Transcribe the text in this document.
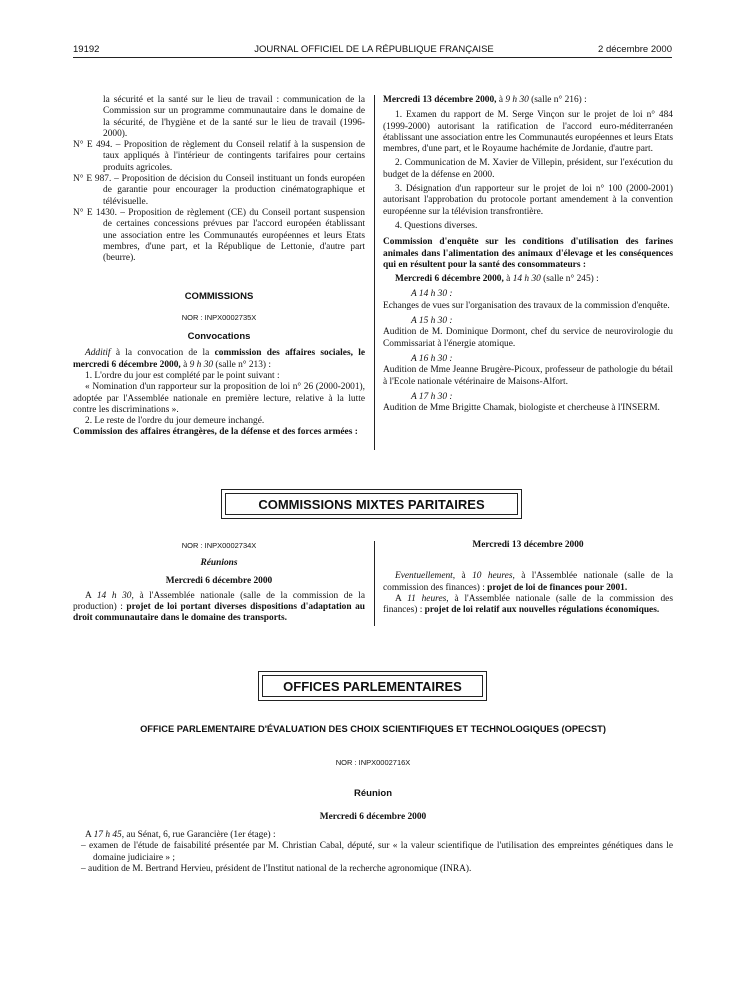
19192	JOURNAL OFFICIEL DE LA RÉPUBLIQUE FRANÇAISE	2 décembre 2000

la sécurité et la santé sur le lieu de travail : communication de la Commission sur un programme communautaire dans le domaine de la sécurité, de l'hygiène et de la santé sur le lieu de travail (1996-2000).

N° E 494. – Proposition de règlement du Conseil relatif à la suspension de taux appliqués à l'intérieur de contingents tarifaires pour certains produits agricoles.

N° E 987. – Proposition de décision du Conseil instituant un fonds européen de garantie pour encourager la production cinématographique et télévisuelle.

N° E 1430. – Proposition de règlement (CE) du Conseil portant suspension de certaines concessions prévues par l'accord européen établissant une association entre les Communautés européennes et leurs Etats membres, d'une part, et la République de Lettonie, d'autre part (beurre).

COMMISSIONS
NOR : INPX0002735X
Convocations

Additif à la convocation de la commission des affaires sociales, le mercredi 6 décembre 2000, à 9 h 30 (salle n° 213) :

1. L'ordre du jour est complété par le point suivant :

« Nomination d'un rapporteur sur la proposition de loi n° 26 (2000-2001), adoptée par l'Assemblée nationale en première lecture, relative à la lutte contre les discriminations ».

2. Le reste de l'ordre du jour demeure inchangé.

Commission des affaires étrangères, de la défense et des forces armées :

Mercredi 13 décembre 2000, à 9 h 30 (salle n° 216) :

1. Examen du rapport de M. Serge Vinçon sur le projet de loi n° 484 (1999-2000) autorisant la ratification de l'accord euro-méditerranéen établissant une association entre les Communautés européennes et leurs Etats membres, d'une part, et le Royaume hachémite de Jordanie, d'autre part.

2. Communication de M. Xavier de Villepin, président, sur l'exécution du budget de la défense en 2000.

3. Désignation d'un rapporteur sur le projet de loi n° 100 (2000-2001) autorisant l'approbation du protocole portant amendement à la convention européenne sur la télévision transfrontière.

4. Questions diverses.

Commission d'enquête sur les conditions d'utilisation des farines animales dans l'alimentation des animaux d'élevage et les conséquences qui en résultent pour la santé des consommateurs :

Mercredi 6 décembre 2000, à 14 h 30 (salle n° 245) :

A 14 h 30 :

Echanges de vues sur l'organisation des travaux de la commission d'enquête.

A 15 h 30 :

Audition de M. Dominique Dormont, chef du service de neurovirologie du Commissariat à l'énergie atomique.

A 16 h 30 :

Audition de Mme Jeanne Brugère-Picoux, professeur de pathologie du bétail à l'Ecole nationale vétérinaire de Maisons-Alfort.

A 17 h 30 :

Audition de Mme Brigitte Chamak, biologiste et chercheuse à l'INSERM.

COMMISSIONS MIXTES PARITAIRES
NOR : INPX0002734X
Réunions
Mercredi 6 décembre 2000

A 14 h 30, à l'Assemblée nationale (salle de la commission de la production) : projet de loi portant diverses dispositions d'adaptation au droit communautaire dans le domaine des transports.

Mercredi 13 décembre 2000

Eventuellement, à 10 heures, à l'Assemblée nationale (salle de la commission des finances) : projet de loi de finances pour 2001.

A 11 heures, à l'Assemblée nationale (salle de la commission des finances) : projet de loi relatif aux nouvelles régulations économiques.

OFFICES PARLEMENTAIRES
OFFICE PARLEMENTAIRE D'ÉVALUATION DES CHOIX SCIENTIFIQUES ET TECHNOLOGIQUES (OPECST)
NOR : INPX0002716X
Réunion
Mercredi 6 décembre 2000

A 17 h 45, au Sénat, 6, rue Garancière (1er étage) :

– examen de l'étude de faisabilité présentée par M. Christian Cabal, député, sur « la valeur scientifique de l'utilisation des empreintes génétiques dans le domaine judiciaire » ;

– audition de M. Bertrand Hervieu, président de l'Institut national de la recherche agronomique (INRA).
